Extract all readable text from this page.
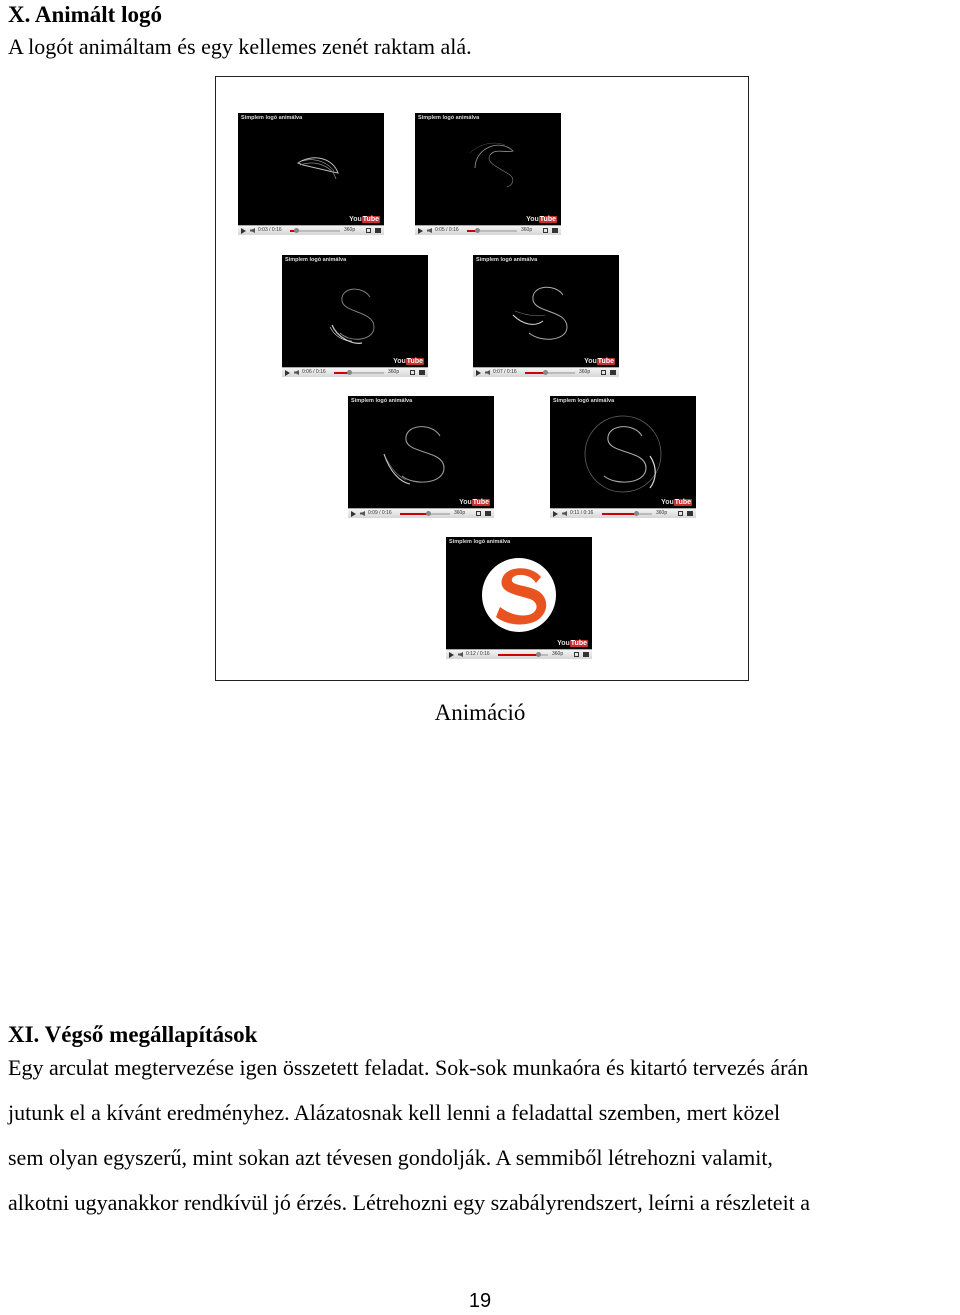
X. Animált logó
A logót animáltam és egy kellemes zenét raktam alá.
Simplem logó animálva
YouTube
0:03 / 0:16	360p
Simplem logó animálva
YouTube
0:05 / 0:16	360p
Simplem logó animálva
YouTube
0:06 / 0:16	360p
Simplem logó animálva
YouTube
0:07 / 0:16	360p
Simplem logó animálva
YouTube
0:09 / 0:16	360p
Simplem logó animálva
YouTube
0:11 / 0:16	360p
Simplem logó animálva
YouTube
0:12 / 0:16	360p
Animáció
XI. Végső megállapítások
Egy arculat megtervezése igen összetett feladat. Sok-sok munkaóra és kitartó tervezés árán
jutunk el a kívánt eredményhez. Alázatosnak kell lenni a feladattal szemben, mert közel
sem olyan egyszerű, mint sokan azt tévesen gondolják. A semmiből létrehozni valamit,
alkotni ugyanakkor rendkívül jó érzés. Létrehozni egy szabályrendszert, leírni a részleteit a
19
